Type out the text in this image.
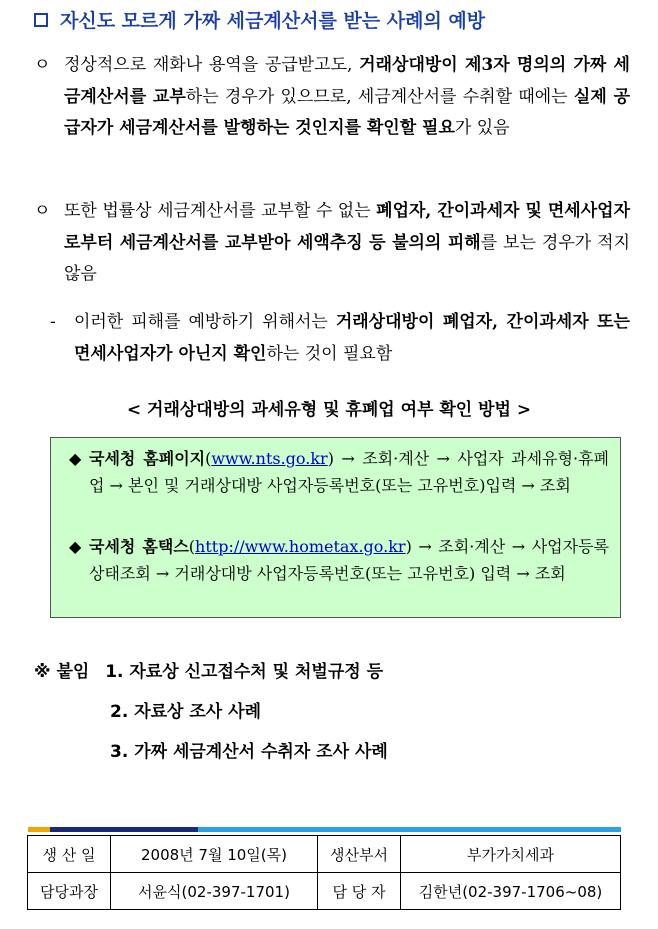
자신도 모르게 가짜 세금계산서를 받는 사례의 예방
ㅇ 정상적으로 재화나 용역을 공급받고도, 거래상대방이 제3자 명의의 가짜 세금계산서를 교부하는 경우가 있으므로, 세금계산서를 수취할 때에는 실제 공급자가 세금계산서를 발행하는 것인지를 확인할 필요가 있음
ㅇ 또한 법률상 세금계산서를 교부할 수 없는 폐업자, 간이과세자 및 면세사업자로부터 세금계산서를 교부받아 세액추징 등 불의의 피해를 보는 경우가 적지 않음
- 이러한 피해를 예방하기 위해서는 거래상대방이 폐업자, 간이과세자 또는 면세사업자가 아닌지 확인하는 것이 필요함
< 거래상대방의 과세유형 및 휴폐업 여부 확인 방법 >
◆ 국세청 홈페이지(www.nts.go.kr) → 조회·계산 → 사업자 과세유형·휴폐업 → 본인 및 거래상대방 사업자등록번호(또는 고유번호)입력 → 조회
◆ 국세청 홈택스(http://www.hometax.go.kr) → 조회·계산 → 사업자등록상태조회 → 거래상대방 사업자등록번호(또는 고유번호) 입력 → 조회
※ 붙임 1. 자료상 신고접수처 및 처벌규정 등
2. 자료상 조사 사례
3. 가짜 세금계산서 수취자 조사 사례
생 산 일	2008년 7월 10일(목)	생산부서	부가가치세과
담당과장	서윤식(02-397-1701)	담 당 자	김한년(02-397-1706~08)
